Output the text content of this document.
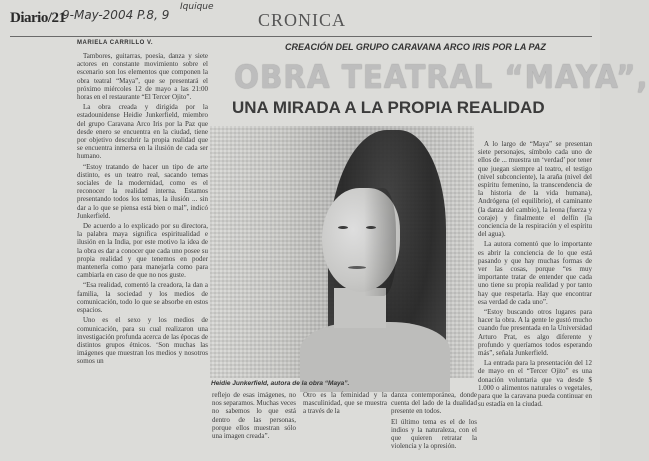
Diario/21
9-May-2004 P.8, 9
Iquique
CRONICA
MARIELA CARRILLO V.	CREACIÓN DEL GRUPO CARAVANA ARCO IRIS POR LA PAZ
OBRA TEATRAL “MAYA”,
UNA MIRADA A LA PROPIA REALIDAD

Tambores, guitarras, poesía, danza y siete actores en constante movimiento sobre el escenario son los elementos que componen la obra teatral “Maya”, que se presentará el próximo miércoles 12 de mayo a las 21:00 horas en el restaurante “El Tercer Ojito”.

La obra creada y dirigida por la estadounidense Heidie Junkerfield, miembro del grupo Caravana Arco Iris por la Paz que desde enero se encuentra en la ciudad, tiene por objetivo descubrir la propia realidad que se encuentra inmersa en la ilusión de cada ser humano.

“Estoy tratando de hacer un tipo de arte distinto, es un teatro real, sacando temas sociales de la modernidad, como es el reconocer la realidad interna. Estamos presentando todos los temas, la ilusión ... sin dar a lo que se piensa está bien o mal”, indicó Junkerfield.

De acuerdo a lo explicado por su directora, la palabra maya significa espiritualidad e ilusión en la India, por este motivo la idea de la obra es dar a conocer que cada uno posee su propia realidad y que tenemos en poder mantenerla como para manejarla como para cambiarla en caso de que no nos guste.

“Esa realidad, comentó la creadora, la dan a familia, la sociedad y los medios de comunicación, todo lo que se absorbe en estos espacios.

Uno es el sexo y los medios de comunicación, para su cual realizaron una investigación profunda acerca de las épocas de distintos grupos étnicos. ‘Son muchas las imágenes que muestran los medios y nosotros somos un

Heidie Junkerfield, autora de la obra “Maya”.

A lo largo de “Maya” se presentan siete personajes, símbolo cada uno de ellos de ... muestra un ‘verdad’ por tener que juegan siempre al teatro, el testigo (nivel subconciente), la araña (nivel del espíritu femenino, la transcendencia de la historia de la vida humana), Andrógena (el equilibrio), el caminante (la danza del cambio), la leona (fuerza y coraje) y finalmente el delfín (la conciencia de la respiración y el espíritu del agua).

La autora comentó que lo importante es abrir la conciencia de lo que está pasando y que hay muchas formas de ver las cosas, porque “es muy importante tratar de entender que cada uno tiene su propia realidad y por tanto hay que respetarla. Hay que encontrar esa verdad de cada uno”.

“Estoy buscando otros lugares para hacer la obra. A la gente le gustó mucho cuando fue presentada en la Universidad Arturo Prat, es algo diferente y profundo y queríamos todos esperando más”, señala Junkerfield.

La entrada para la presentación del 12 de mayo en el “Tercer Ojito” es una donación voluntaria que va desde $ 1.000 o alimentos naturales o vegetales, para que la caravana pueda continuar en su estadía en la ciudad.

reflejo de esas imágenes, no nos separamos. Muchas veces no sabemos lo que está dentro de las personas, porque ellos muestran sólo una imagen creada”.

Otro es la feminidad y la masculinidad, que se muestra a través de la

danza contemporánea, donde cuenta del lado de la dualidad presente en todos.

El último tema es el de los indios y la naturaleza, con el que quieren retratar la violencia y la opresión.
